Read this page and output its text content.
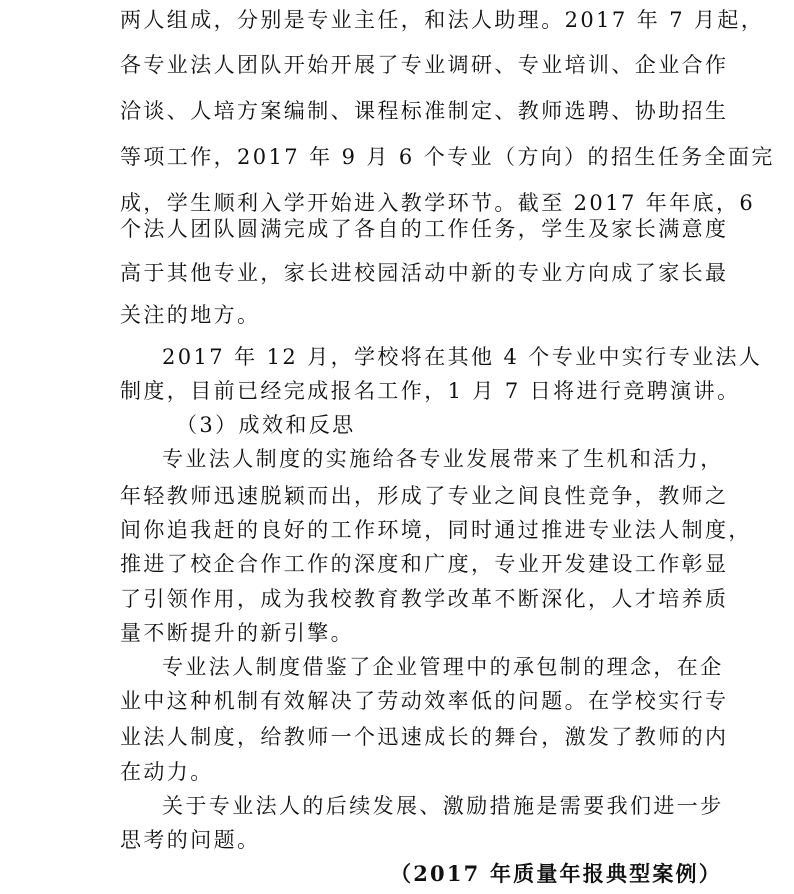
两人组成，分别是专业主任，和法人助理。2017 年 7 月起，
各专业法人团队开始开展了专业调研、专业培训、企业合作
洽谈、人培方案编制、课程标准制定、教师选聘、协助招生
等项工作，2017 年 9 月 6 个专业（方向）的招生任务全面完
成，学生顺利入学开始进入教学环节。截至 2017 年年底，6
个法人团队圆满完成了各自的工作任务，学生及家长满意度
高于其他专业，家长进校园活动中新的专业方向成了家长最
关注的地方。
2017 年 12 月，学校将在其他 4 个专业中实行专业法人
制度，目前已经完成报名工作，1 月 7 日将进行竞聘演讲。
（3）成效和反思
专业法人制度的实施给各专业发展带来了生机和活力，
年轻教师迅速脱颖而出，形成了专业之间良性竞争，教师之
间你追我赶的良好的工作环境，同时通过推进专业法人制度，
推进了校企合作工作的深度和广度，专业开发建设工作彰显
了引领作用，成为我校教育教学改革不断深化，人才培养质
量不断提升的新引擎。
专业法人制度借鉴了企业管理中的承包制的理念，在企
业中这种机制有效解决了劳动效率低的问题。在学校实行专
业法人制度，给教师一个迅速成长的舞台，激发了教师的内
在动力。
关于专业法人的后续发展、激励措施是需要我们进一步
思考的问题。
（2017 年质量年报典型案例）
